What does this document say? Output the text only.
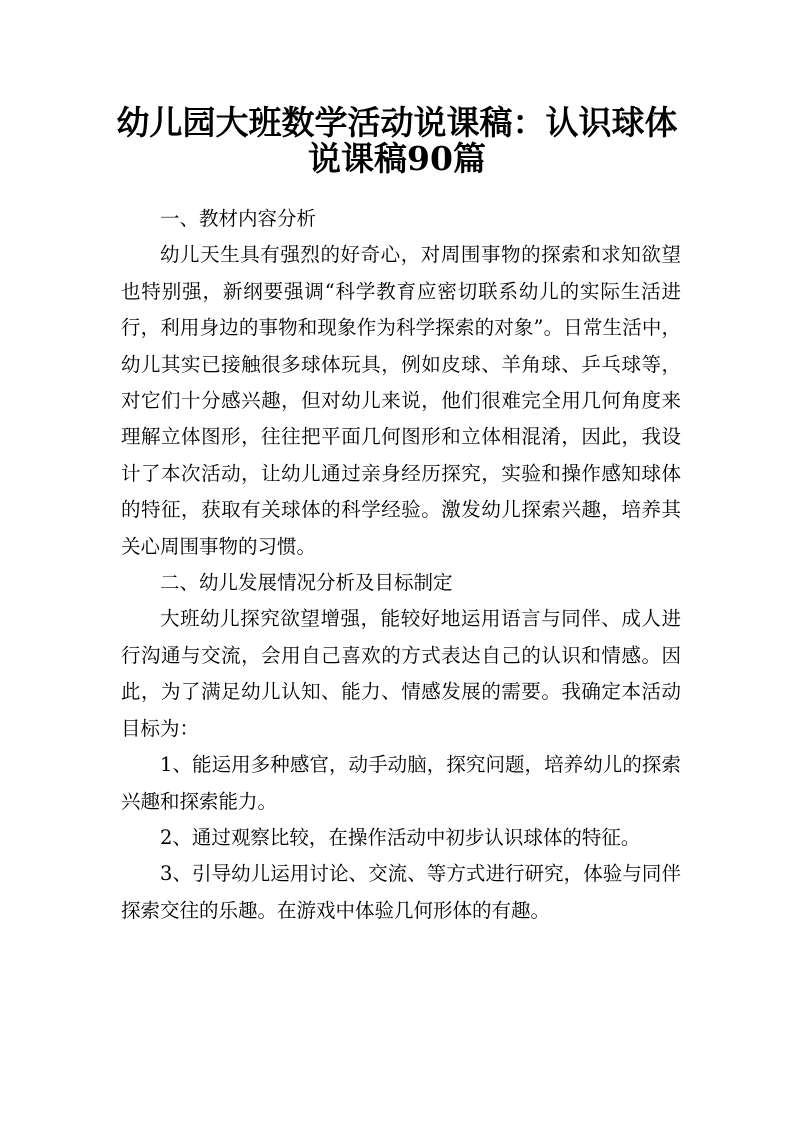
幼儿园大班数学活动说课稿：认识球体
说课稿90篇

一、教材内容分析

幼儿天生具有强烈的好奇心，对周围事物的探索和求知欲望也特别强，新纲要强调“科学教育应密切联系幼儿的实际生活进行，利用身边的事物和现象作为科学探索的对象”。日常生活中，幼儿其实已接触很多球体玩具，例如皮球、羊角球、乒乓球等，对它们十分感兴趣，但对幼儿来说，他们很难完全用几何角度来理解立体图形，往往把平面几何图形和立体相混淆，因此，我设计了本次活动，让幼儿通过亲身经历探究，实验和操作感知球体的特征，获取有关球体的科学经验。激发幼儿探索兴趣，培养其关心周围事物的习惯。

二、幼儿发展情况分析及目标制定

大班幼儿探究欲望增强，能较好地运用语言与同伴、成人进行沟通与交流，会用自己喜欢的方式表达自己的认识和情感。因此，为了满足幼儿认知、能力、情感发展的需要。我确定本活动目标为：

1、能运用多种感官，动手动脑，探究问题，培养幼儿的探索兴趣和探索能力。

2、通过观察比较，在操作活动中初步认识球体的特征。

3、引导幼儿运用讨论、交流、等方式进行研究，体验与同伴探索交往的乐趣。在游戏中体验几何形体的有趣。
